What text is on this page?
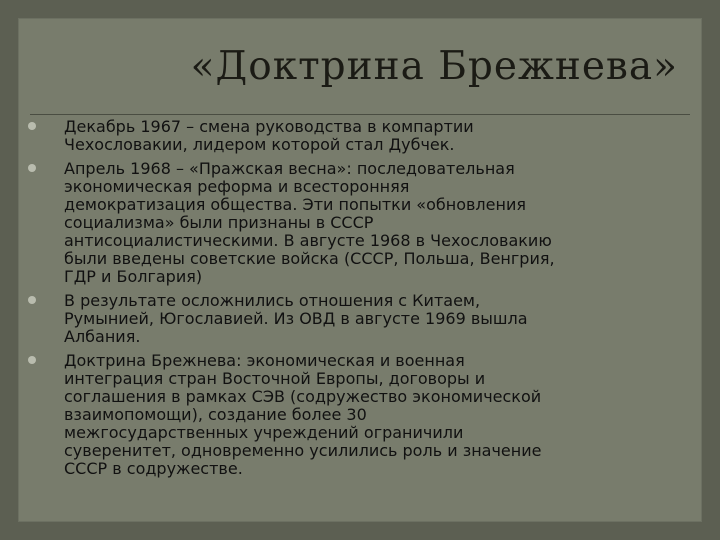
«Доктрина Брежнева»
Декабрь 1967 – смена руководства в компартии
Чехословакии, лидером которой стал Дубчек.
Апрель 1968 – «Пражская весна»: последовательная
экономическая реформа и всесторонняя
демократизация общества. Эти попытки «обновления
социализма» были признаны в СССР
антисоциалистическими. В августе 1968 в Чехословакию
были введены советские войска (СССР, Польша, Венгрия,
ГДР и Болгария)
В результате осложнились отношения с Китаем,
Румынией, Югославией. Из ОВД в августе 1969 вышла
Албания.
Доктрина Брежнева: экономическая и военная
интеграция стран Восточной Европы, договоры и
соглашения в рамках СЭВ (содружество экономической
взаимопомощи), создание более 30
межгосударственных учреждений ограничили
суверенитет, одновременно усилились роль и значение
СССР в содружестве.
